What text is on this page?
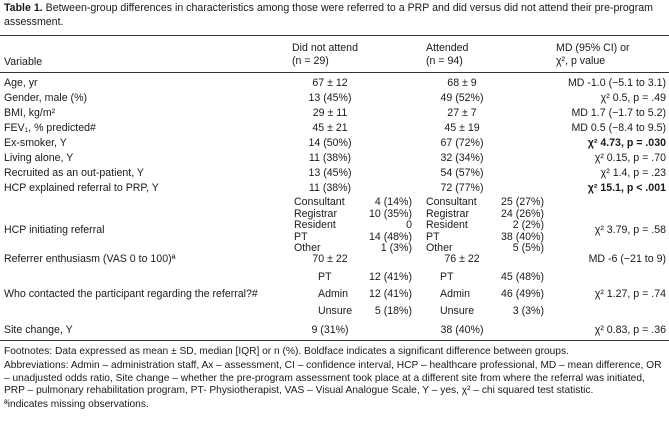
Table 1. Between-group differences in characteristics among those were referred to a PRP and did versus did not attend their pre-program assessment.
Variable
Did not attend
(n = 29)
Attended
(n = 94)
MD (95% CI) or
χ², p value
Age, yr	67 ± 12	68 ± 9	MD -1.0 (−5.1 to 3.1)
Gender, male (%)	13 (45%)	49 (52%)	χ² 0.5, p = .49
BMI, kg/m²	29 ± 11	27 ± 7	MD 1.7 (−1.7 to 5.2)
FEV₁, % predicted#	45 ± 21	45 ± 19	MD 0.5 (−8.4 to 9.5)
Ex-smoker, Y	14 (50%)	67 (72%)	χ² 4.73, p = .030
Living alone, Y	11 (38%)	32 (34%)	χ² 0.15, p = .70
Recruited as an out-patient, Y	13 (45%)	54 (57%)	χ² 1.4, p = .23
HCP explained referral to PRP, Y	11 (38%)	72 (77%)	χ² 15.1, p < .001
HCP initiating referral	χ² 3.79, p = .58
Consultant	4 (14%) Consultant	25 (27%)
Registrar	10 (35%) Registrar	24 (26%)
Resident	0 Resident	2 (2%)
PT	14 (48%) PT	38 (40%)
Other	1 (3%) Other	5 (5%)
Referrer enthusiasm (VAS 0 to 100)ª	70 ± 22	76 ± 22	MD -6 (−21 to 9)
Who contacted the participant regarding the referral?#	χ² 1.27, p = .74
PT	12 (41%)	PT	45 (48%)
Admin	12 (41%)	Admin	46 (49%)
Unsure	5 (18%)	Unsure	3 (3%)
Site change, Y	9 (31%)	38 (40%)	χ² 0.83, p = .36
Footnotes: Data expressed as mean ± SD, median [IQR] or n (%). Boldface indicates a significant difference between groups.
Abbreviations: Admin – administration staff, Ax – assessment, CI – confidence interval, HCP – healthcare professional, MD – mean difference, OR – unadjusted odds ratio, Site change – whether the pre-program assessment took place at a different site from where the referral was initiated, PRP – pulmonary rehabilitation program, PT- Physiotherapist, VAS – Visual Analogue Scale, Y – yes, χ² – chi squared test statistic.
ªindicates missing observations.
